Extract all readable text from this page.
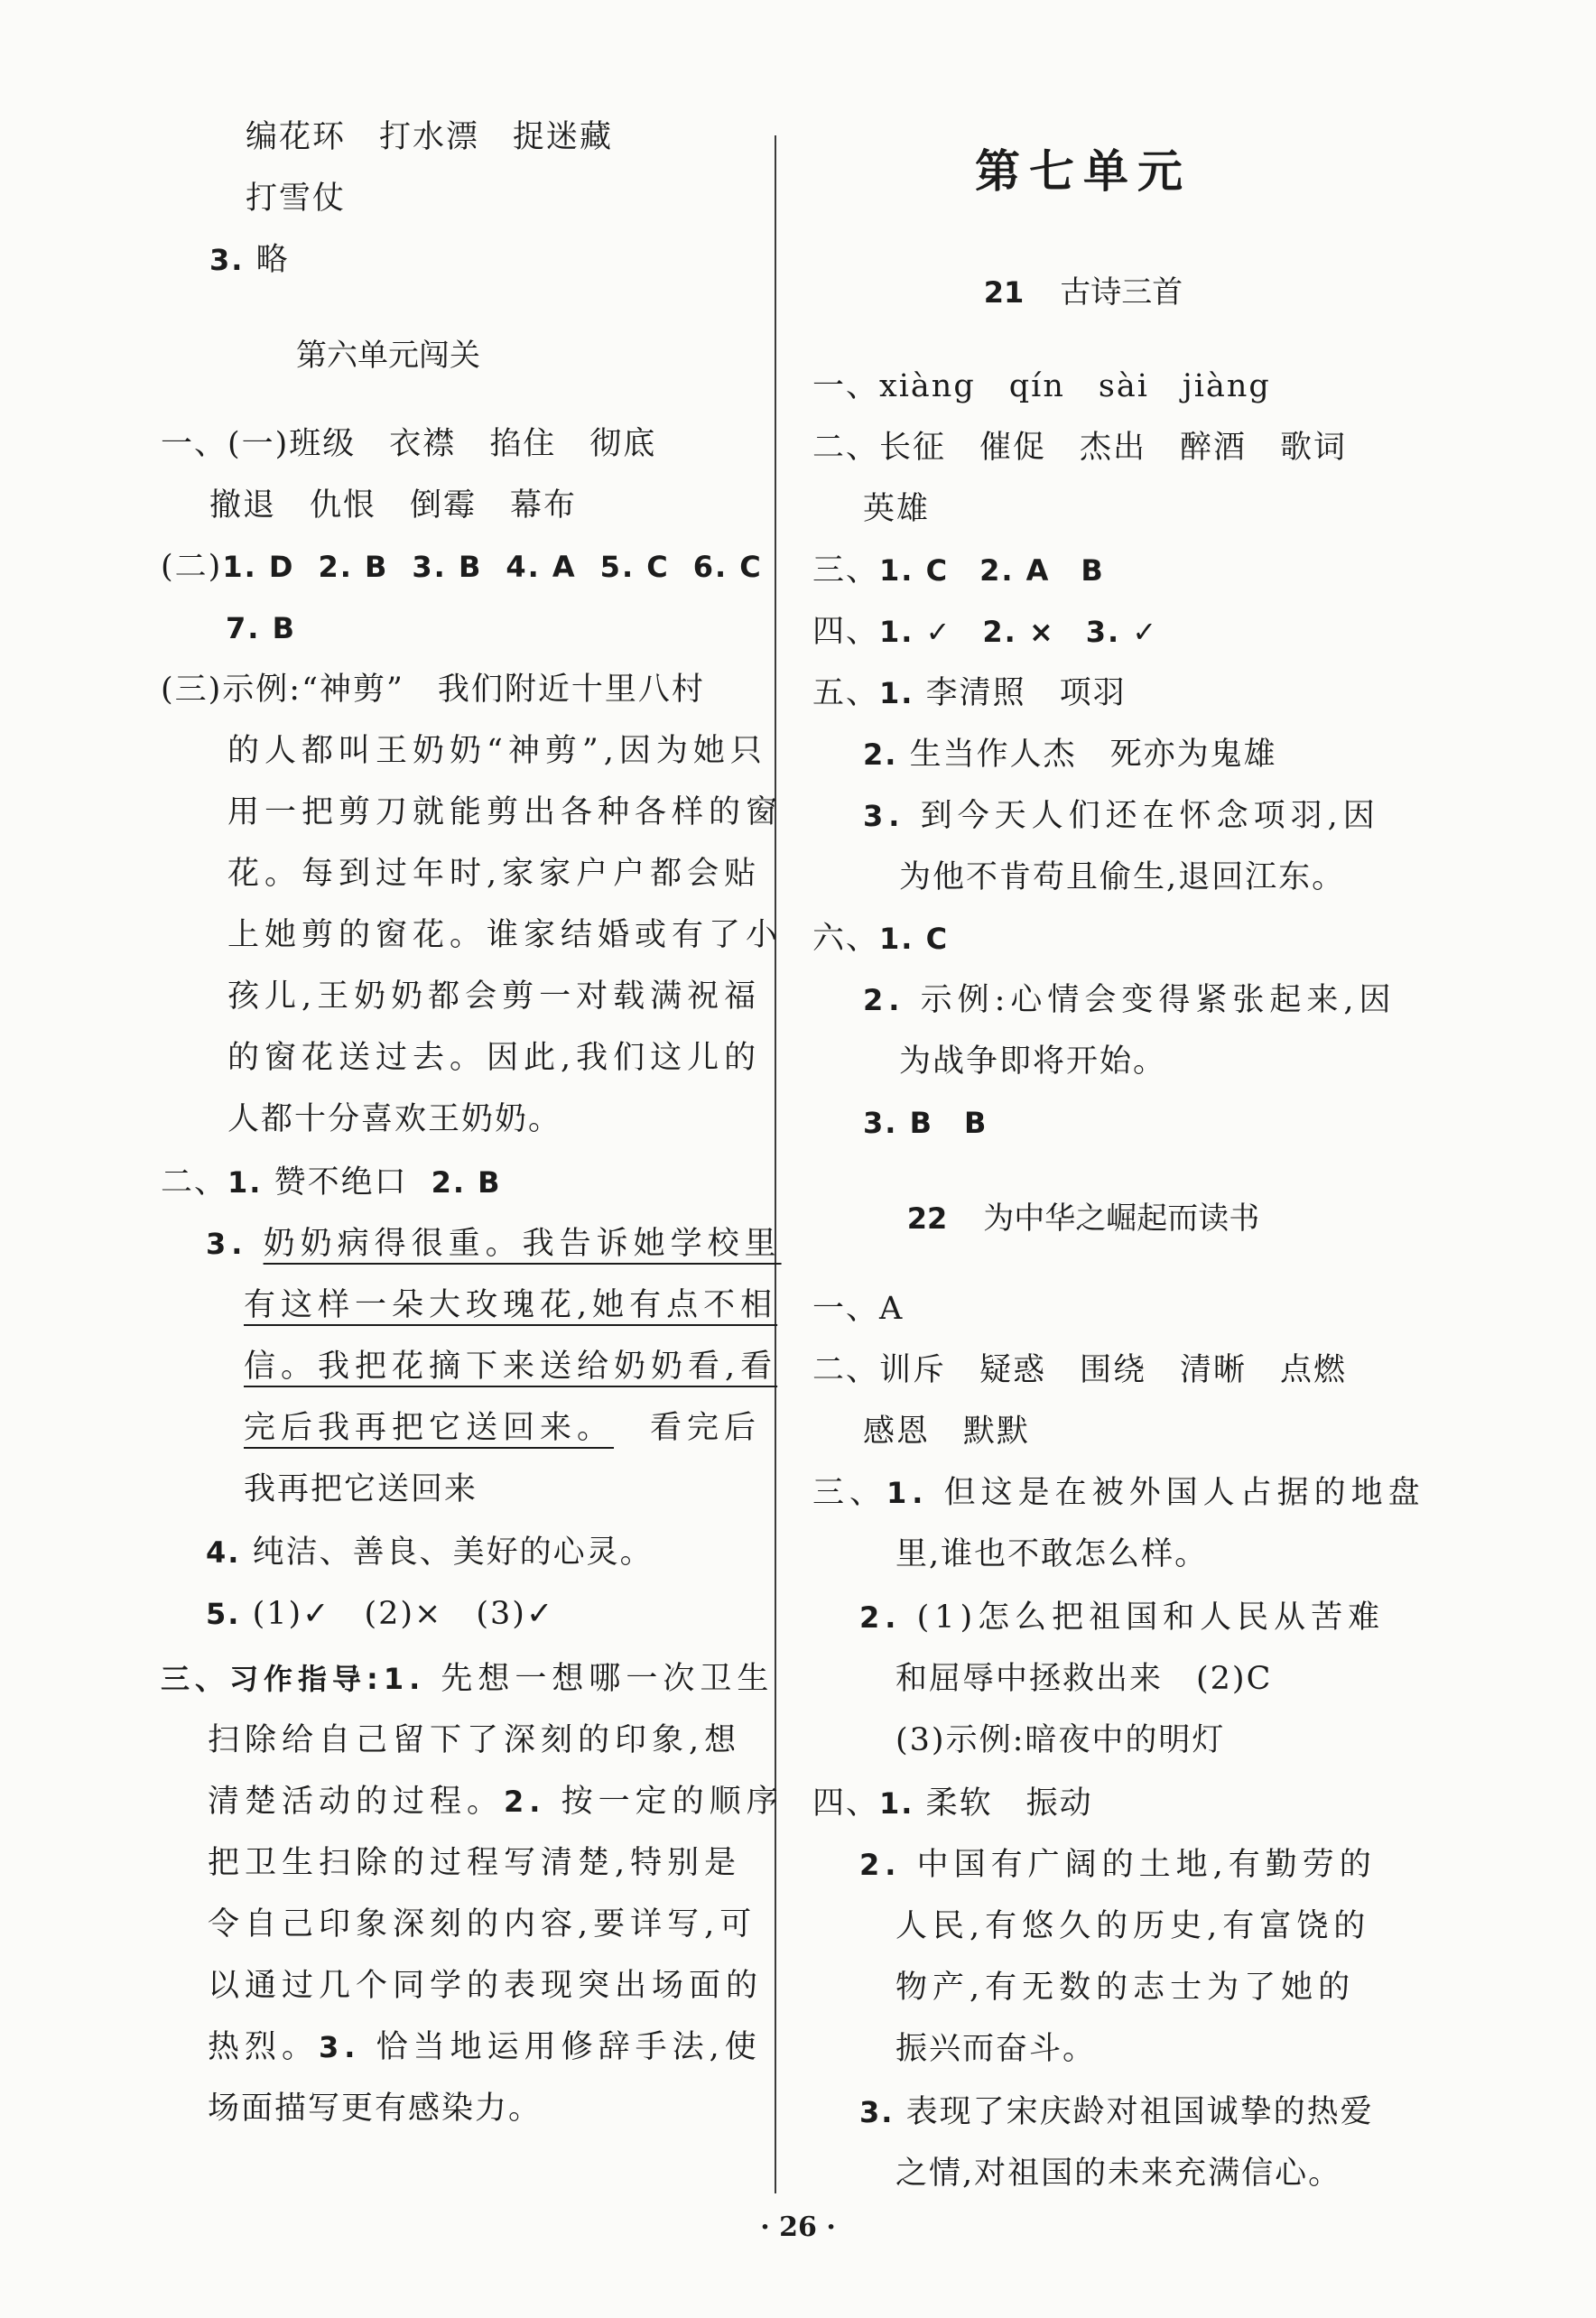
编花环　打水漂　捉迷藏
打雪仗
3. 略
第六单元闯关
一、(一)班级　衣襟　掐住　彻底
撤退　仇恨　倒霉　幕布
(二)1. D 2. B 3. B 4. A 5. C 6. C
7. B
(三)示例:“神剪”　我们附近十里八村
的人都叫王奶奶“神剪”,因为她只
用一把剪刀就能剪出各种各样的窗
花。每到过年时,家家户户都会贴
上她剪的窗花。谁家结婚或有了小
孩儿,王奶奶都会剪一对载满祝福
的窗花送过去。因此,我们这儿的
人都十分喜欢王奶奶。
二、1. 赞不绝口 2. B
3. 奶奶病得很重。我告诉她学校里
有这样一朵大玫瑰花,她有点不相
信。我把花摘下来送给奶奶看,看
完后我再把它送回来。 看完后
我再把它送回来
4. 纯洁、善良、美好的心灵。
5. (1)✓　(2)×　(3)✓
三、习作指导:1. 先想一想哪一次卫生
扫除给自己留下了深刻的印象,想
清楚活动的过程。2. 按一定的顺序
把卫生扫除的过程写清楚,特别是
令自己印象深刻的内容,要详写,可
以通过几个同学的表现突出场面的
热烈。3. 恰当地运用修辞手法,使
场面描写更有感染力。
第七单元
21 古诗三首
一、xiàng　qín　sài　jiàng
二、长征　催促　杰出　醉酒　歌词
英雄
三、1. C　2. A　B
四、1. ✓　2. ×　3. ✓
五、1. 李清照　项羽
2. 生当作人杰　死亦为鬼雄
3. 到今天人们还在怀念项羽,因
为他不肯苟且偷生,退回江东。
六、1. C
2. 示例:心情会变得紧张起来,因
为战争即将开始。
3. B　B
22 为中华之崛起而读书
一、A
二、训斥　疑惑　围绕　清晰　点燃
感恩　默默
三、1. 但这是在被外国人占据的地盘
里,谁也不敢怎么样。
2. (1)怎么把祖国和人民从苦难
和屈辱中拯救出来　(2)C
(3)示例:暗夜中的明灯
四、1. 柔软　振动
2. 中国有广阔的土地,有勤劳的
人民,有悠久的历史,有富饶的
物产,有无数的志士为了她的
振兴而奋斗。
3. 表现了宋庆龄对祖国诚挚的热爱
之情,对祖国的未来充满信心。
· 26 ·
